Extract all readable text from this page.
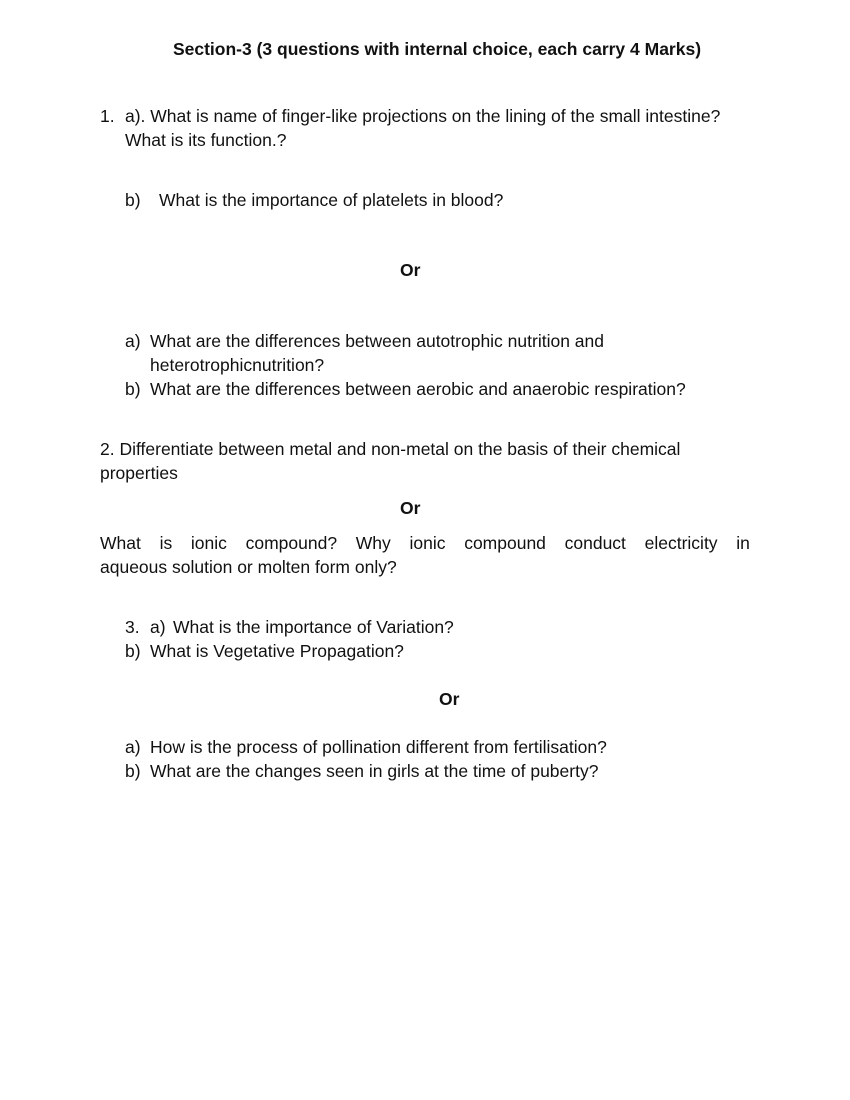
Section-3 (3 questions with internal choice, each carry 4 Marks)
1. a). What is name of finger-like projections on the lining of the small intestine?
What is its function.?
b) What is the importance of platelets in blood?
Or
a) What are the differences between autotrophic nutrition and
heterotrophicnutrition?
b) What are the differences between aerobic and anaerobic respiration?
2. Differentiate between metal and non-metal on the basis of their chemical
properties
Or
What is ionic compound? Why ionic compound conduct electricity in
aqueous solution or molten form only?
3. a) What is the importance of Variation?
b) What is Vegetative Propagation?
Or
a) How is the process of pollination different from fertilisation?
b) What are the changes seen in girls at the time of puberty?
